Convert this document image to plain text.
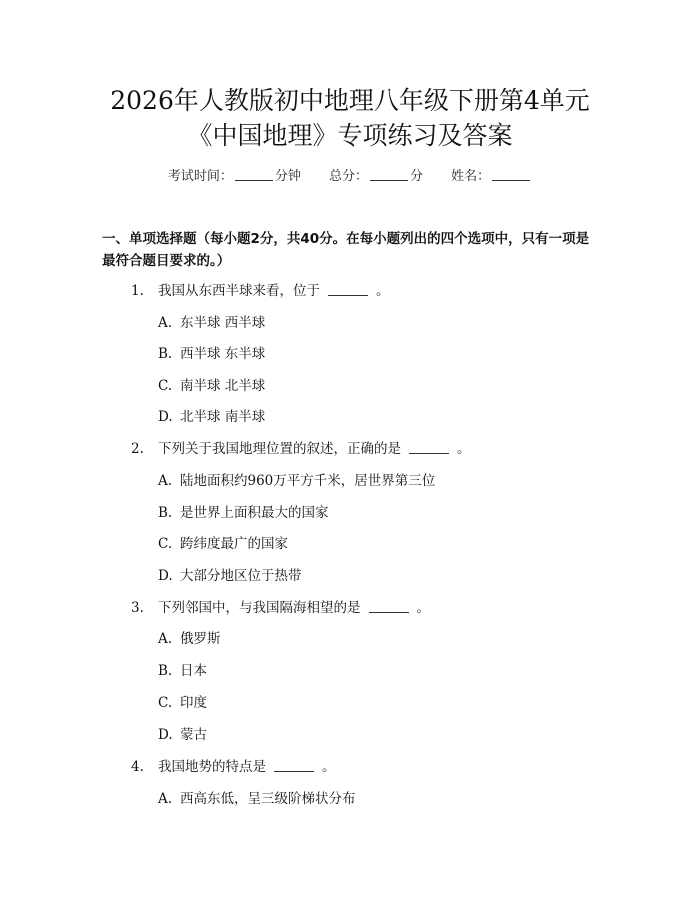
2026年人教版初中地理八年级下册第4单元
《中国地理》专项练习及答案
考试时间：	分钟 总分：	分 姓名：
一、单项选择题（每小题2分，共40分。在每小题列出的四个选项中，只有一项是最符合题目要求的。）
1. 我国从东西半球来看，位于	。
A. 东半球 西半球
B. 西半球 东半球
C. 南半球 北半球
D. 北半球 南半球
2. 下列关于我国地理位置的叙述，正确的是	。
A. 陆地面积约960万平方千米，居世界第三位
B. 是世界上面积最大的国家
C. 跨纬度最广的国家
D. 大部分地区位于热带
3. 下列邻国中，与我国隔海相望的是	。
A. 俄罗斯
B. 日本
C. 印度
D. 蒙古
4. 我国地势的特点是	。
A. 西高东低，呈三级阶梯状分布
